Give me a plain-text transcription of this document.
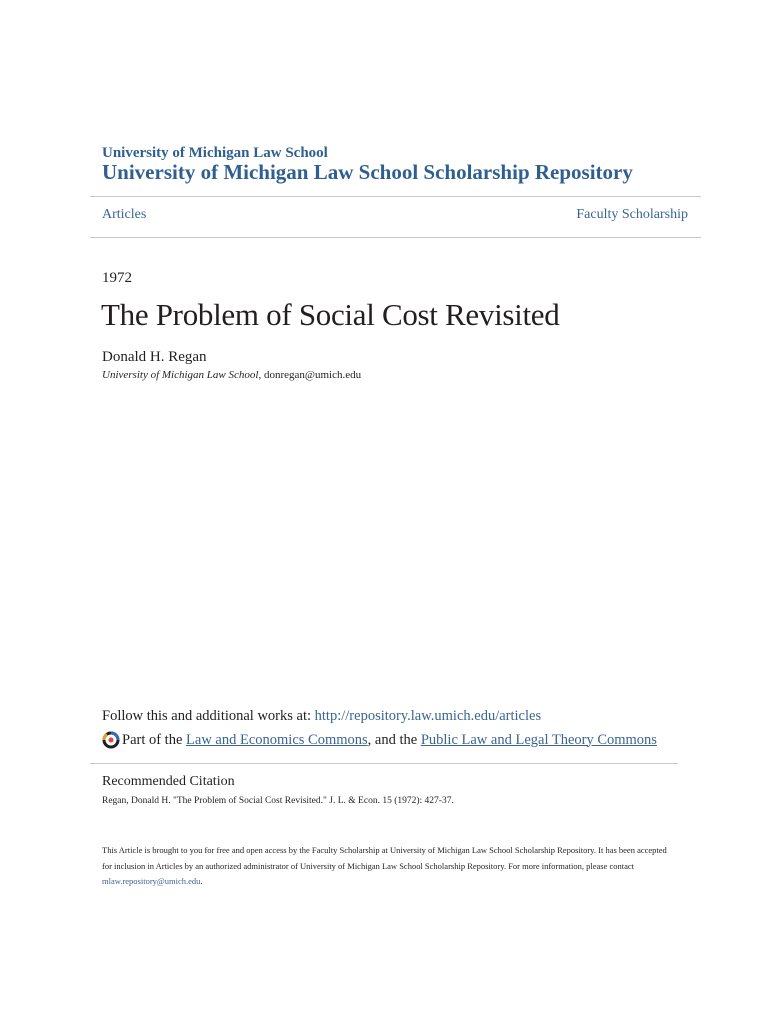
University of Michigan Law School
University of Michigan Law School Scholarship Repository
Articles	Faculty Scholarship
1972
The Problem of Social Cost Revisited
Donald H. Regan
University of Michigan Law School, donregan@umich.edu
Follow this and additional works at: http://repository.law.umich.edu/articles
Part of the Law and Economics Commons , and the Public Law and Legal Theory Commons
Recommended Citation
Regan, Donald H. "The Problem of Social Cost Revisited." J. L. & Econ. 15 (1972): 427-37.
This Article is brought to you for free and open access by the Faculty Scholarship at University of Michigan Law School Scholarship Repository. It has been accepted for inclusion in Articles by an authorized administrator of University of Michigan Law School Scholarship Repository. For more information, please contact mlaw.repository@umich.edu.
